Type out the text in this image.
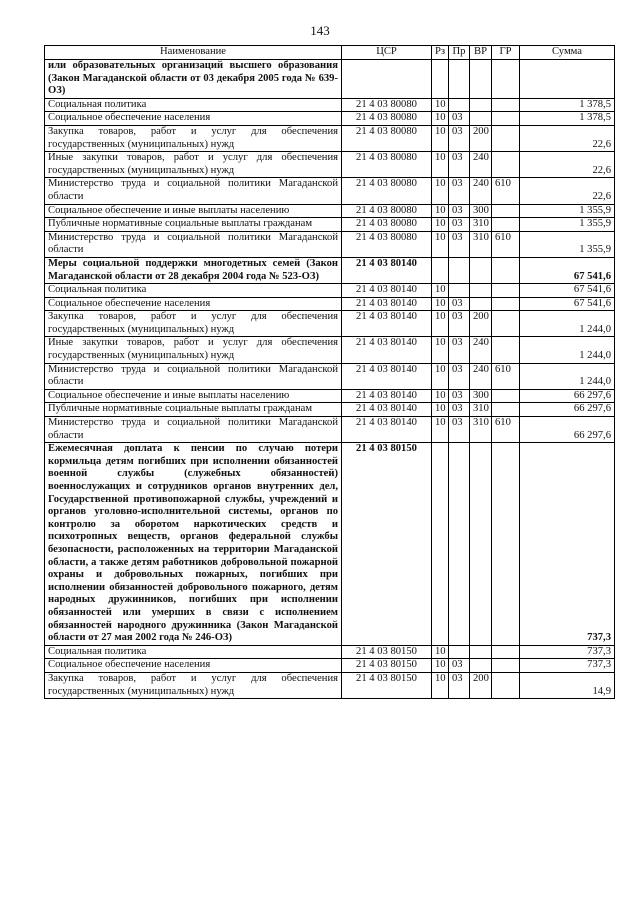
143
Наименование	ЦСР	Рз	Пр	ВР	ГР	Сумма
или образовательных организаций высшего образования (Закон Магаданской области от 03 декабря 2005 года № 639-ОЗ)						
Социальная политика	21 4 03 80080	10				1 378,5
Социальное обеспечение населения	21 4 03 80080	10	03			1 378,5
Закупка товаров, работ и услуг для обеспечения государственных (муниципальных) нужд	21 4 03 80080	10	03	200		22,6
Иные закупки товаров, работ и услуг для обеспечения государственных (муниципальных) нужд	21 4 03 80080	10	03	240		22,6
Министерство труда и социальной политики Магаданской области	21 4 03 80080	10	03	240	610	22,6
Социальное обеспечение и иные выплаты населению	21 4 03 80080	10	03	300		1 355,9
Публичные нормативные социальные выплаты гражданам	21 4 03 80080	10	03	310		1 355,9
Министерство труда и социальной политики Магаданской области	21 4 03 80080	10	03	310	610	1 355,9
Меры социальной поддержки многодетных семей (Закон Магаданской области от 28 декабря 2004 года № 523-ОЗ)	21 4 03 80140					67 541,6
Социальная политика	21 4 03 80140	10				67 541,6
Социальное обеспечение населения	21 4 03 80140	10	03			67 541,6
Закупка товаров, работ и услуг для обеспечения государственных (муниципальных) нужд	21 4 03 80140	10	03	200		1 244,0
Иные закупки товаров, работ и услуг для обеспечения государственных (муниципальных) нужд	21 4 03 80140	10	03	240		1 244,0
Министерство труда и социальной политики Магаданской области	21 4 03 80140	10	03	240	610	1 244,0
Социальное обеспечение и иные выплаты населению	21 4 03 80140	10	03	300		66 297,6
Публичные нормативные социальные выплаты гражданам	21 4 03 80140	10	03	310		66 297,6
Министерство труда и социальной политики Магаданской области	21 4 03 80140	10	03	310	610	66 297,6
Ежемесячная доплата к пенсии по случаю потери кормильца детям погибших при исполнении обязанностей военной службы (служебных обязанностей) военнослужащих и сотрудников органов внутренних дел, Государственной противопожарной службы, учреждений и органов уголовно-исполнительной системы, органов по контролю за оборотом наркотических средств и психотропных веществ, органов федеральной службы безопасности, расположенных на территории Магаданской области, а также детям работников добровольной пожарной охраны и добровольных пожарных, погибших при исполнении обязанностей добровольного пожарного, детям народных дружинников, погибших при исполнении обязанностей или умерших в связи с исполнением обязанностей народного дружинника (Закон Магаданской области от 27 мая 2002 года № 246-ОЗ)	21 4 03 80150					737,3
Социальная политика	21 4 03 80150	10				737,3
Социальное обеспечение населения	21 4 03 80150	10	03			737,3
Закупка товаров, работ и услуг для обеспечения государственных (муниципальных) нужд	21 4 03 80150	10	03	200		14,9
